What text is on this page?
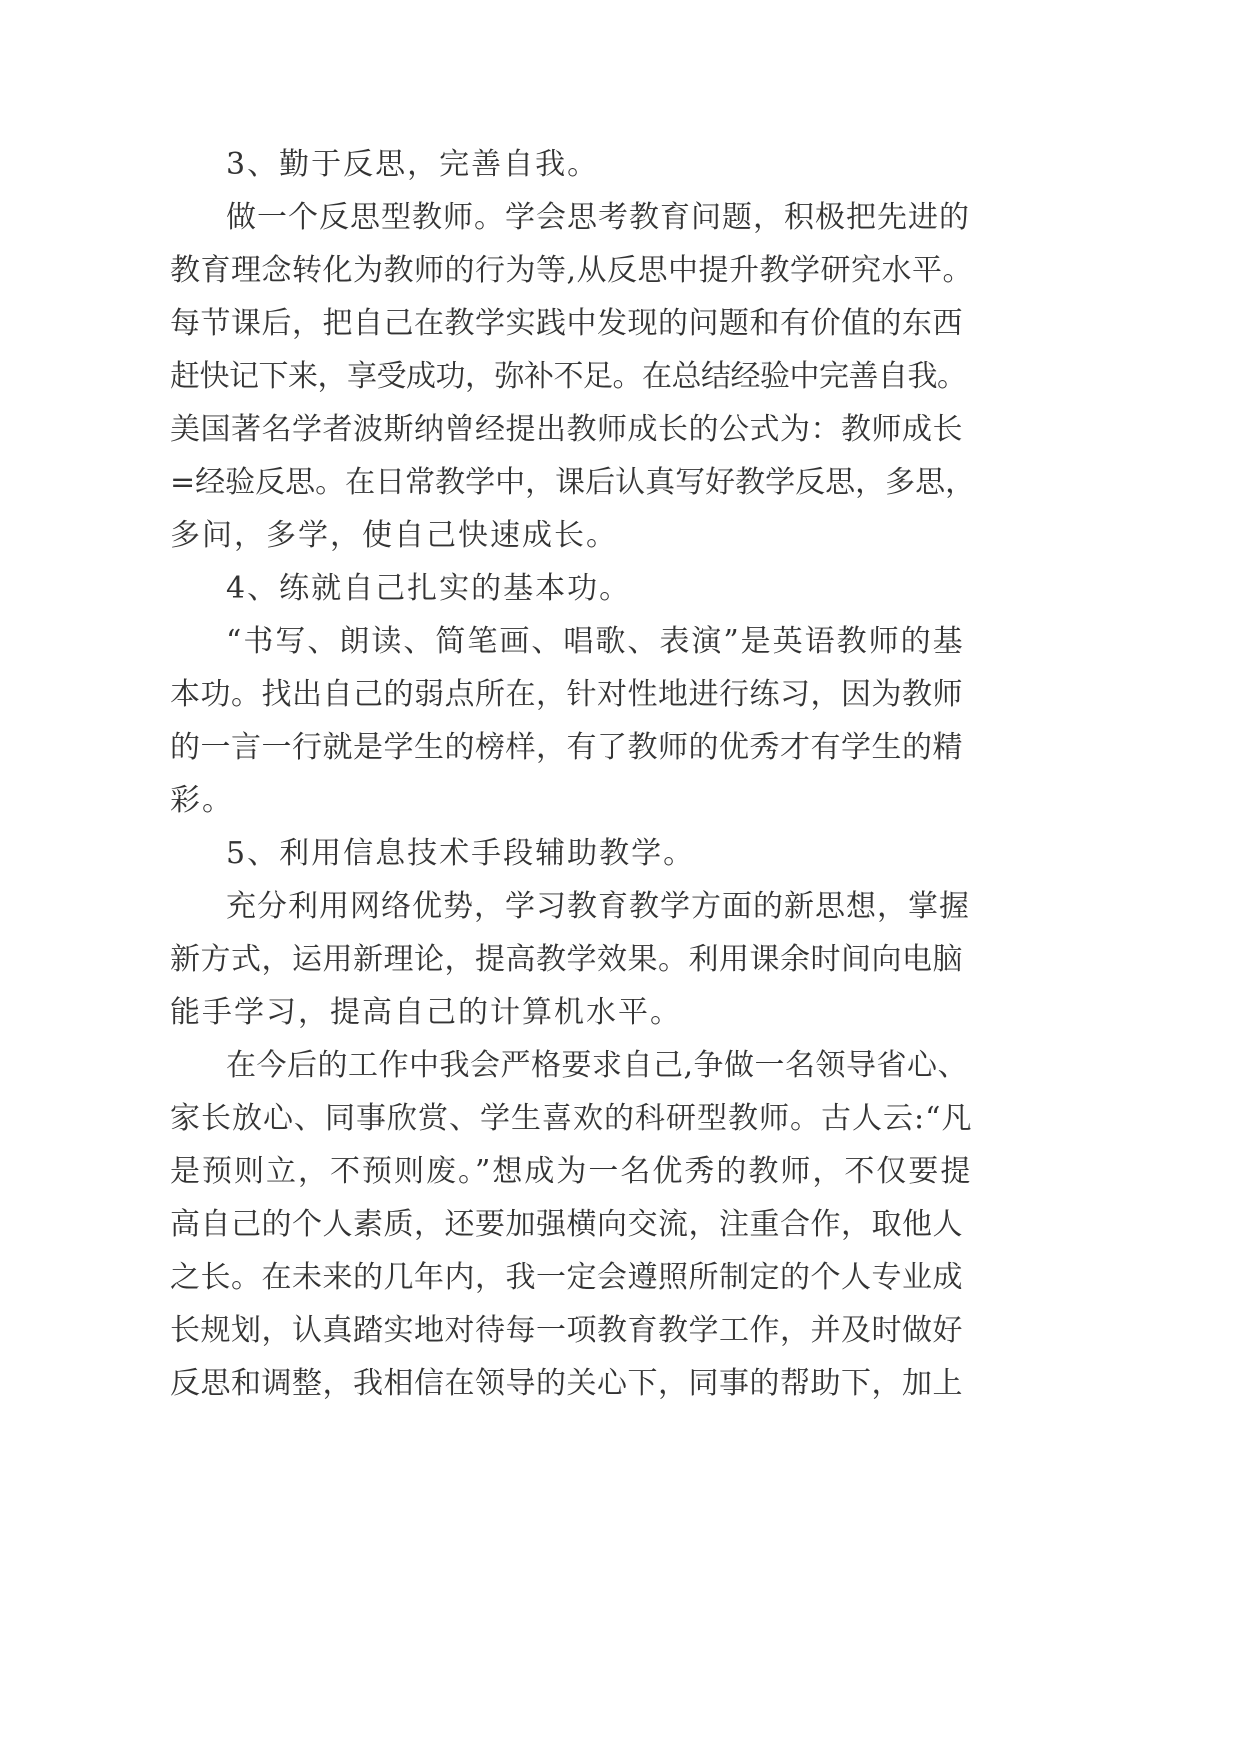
3、勤于反思，完善自我。
做一个反思型教师。学会思考教育问题，积极把先进的
教育理念转化为教师的行为等,从反思中提升教学研究水平。
每节课后，把自己在教学实践中发现的问题和有价值的东西
赶快记下来，享受成功，弥补不足。在总结经验中完善自我。
美国著名学者波斯纳曾经提出教师成长的公式为：教师成长
=经验反思。在日常教学中，课后认真写好教学反思，多思，
多问，多学，使自己快速成长。
4、练就自己扎实的基本功。
“书写、朗读、简笔画、唱歌、表演”是英语教师的基
本功。找出自己的弱点所在，针对性地进行练习，因为教师
的一言一行就是学生的榜样，有了教师的优秀才有学生的精
彩。
5、利用信息技术手段辅助教学。
充分利用网络优势，学习教育教学方面的新思想，掌握
新方式，运用新理论，提高教学效果。利用课余时间向电脑
能手学习，提高自己的计算机水平。
在今后的工作中我会严格要求自己,争做一名领导省心、
家长放心、同事欣赏、学生喜欢的科研型教师。古人云:“凡
是预则立，不预则废。”想成为一名优秀的教师，不仅要提
高自己的个人素质，还要加强横向交流，注重合作，取他人
之长。在未来的几年内，我一定会遵照所制定的个人专业成
长规划，认真踏实地对待每一项教育教学工作，并及时做好
反思和调整，我相信在领导的关心下，同事的帮助下，加上
